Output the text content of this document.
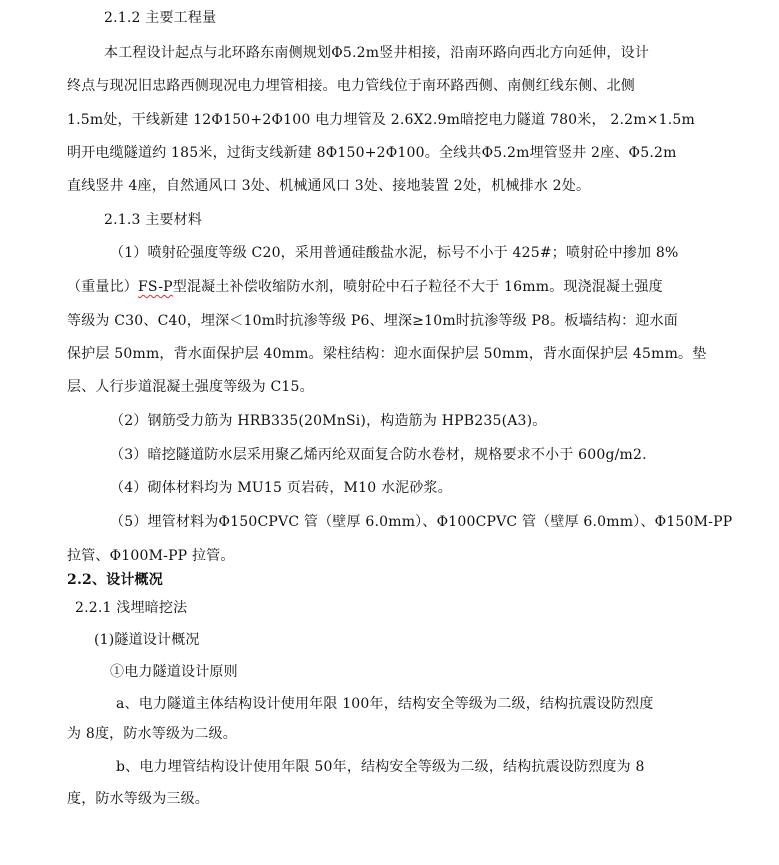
2.1.2 主要工程量
本工程设计起点与北环路东南侧规划Φ5.2m竖井相接，沿南环路向西北方向延伸，设计
终点与现况旧忠路西侧现况电力埋管相接。电力管线位于南环路西侧、南侧红线东侧、北侧
1.5m处，干线新建 12Φ150+2Φ100 电力埋管及 2.6X2.9m暗挖电力隧道 780米， 2.2m×1.5m
明开电缆隧道约 185米，过街支线新建 8Φ150+2Φ100。全线共Φ5.2m埋管竖井 2座、Φ5.2m
直线竖井 4座，自然通风口 3处、机械通风口 3处、接地装置 2处，机械排水 2处。
2.1.3 主要材料
（1）喷射砼强度等级 C20，采用普通硅酸盐水泥，标号不小于 425#；喷射砼中掺加 8%
（重量比）FS-P型混凝土补偿收缩防水剂，喷射砼中石子粒径不大于 16mm。现浇混凝土强度
等级为 C30、C40，埋深＜10m时抗渗等级 P6、埋深≥10m时抗渗等级 P8。板墙结构：迎水面
保护层 50mm，背水面保护层 40mm。梁柱结构：迎水面保护层 50mm，背水面保护层 45mm。垫
层、人行步道混凝土强度等级为 C15。
（2）钢筋受力筋为 HRB335(20MnSi)，构造筋为 HPB235(A3)。
（3）暗挖隧道防水层采用聚乙烯丙纶双面复合防水卷材，规格要求不小于 600g/m2.
（4）砌体材料均为 MU15 页岩砖，M10 水泥砂浆。
（5）埋管材料为Φ150CPVC 管（壁厚 6.0mm）、Φ100CPVC 管（壁厚 6.0mm）、Φ150M-PP
拉管、Φ100M-PP 拉管。
2.2、设计概况
2.2.1 浅埋暗挖法
(1)隧道设计概况
①电力隧道设计原则
a、电力隧道主体结构设计使用年限 100年，结构安全等级为二级，结构抗震设防烈度
为 8度，防水等级为二级。
b、电力埋管结构设计使用年限 50年，结构安全等级为二级，结构抗震设防烈度为 8
度，防水等级为三级。
